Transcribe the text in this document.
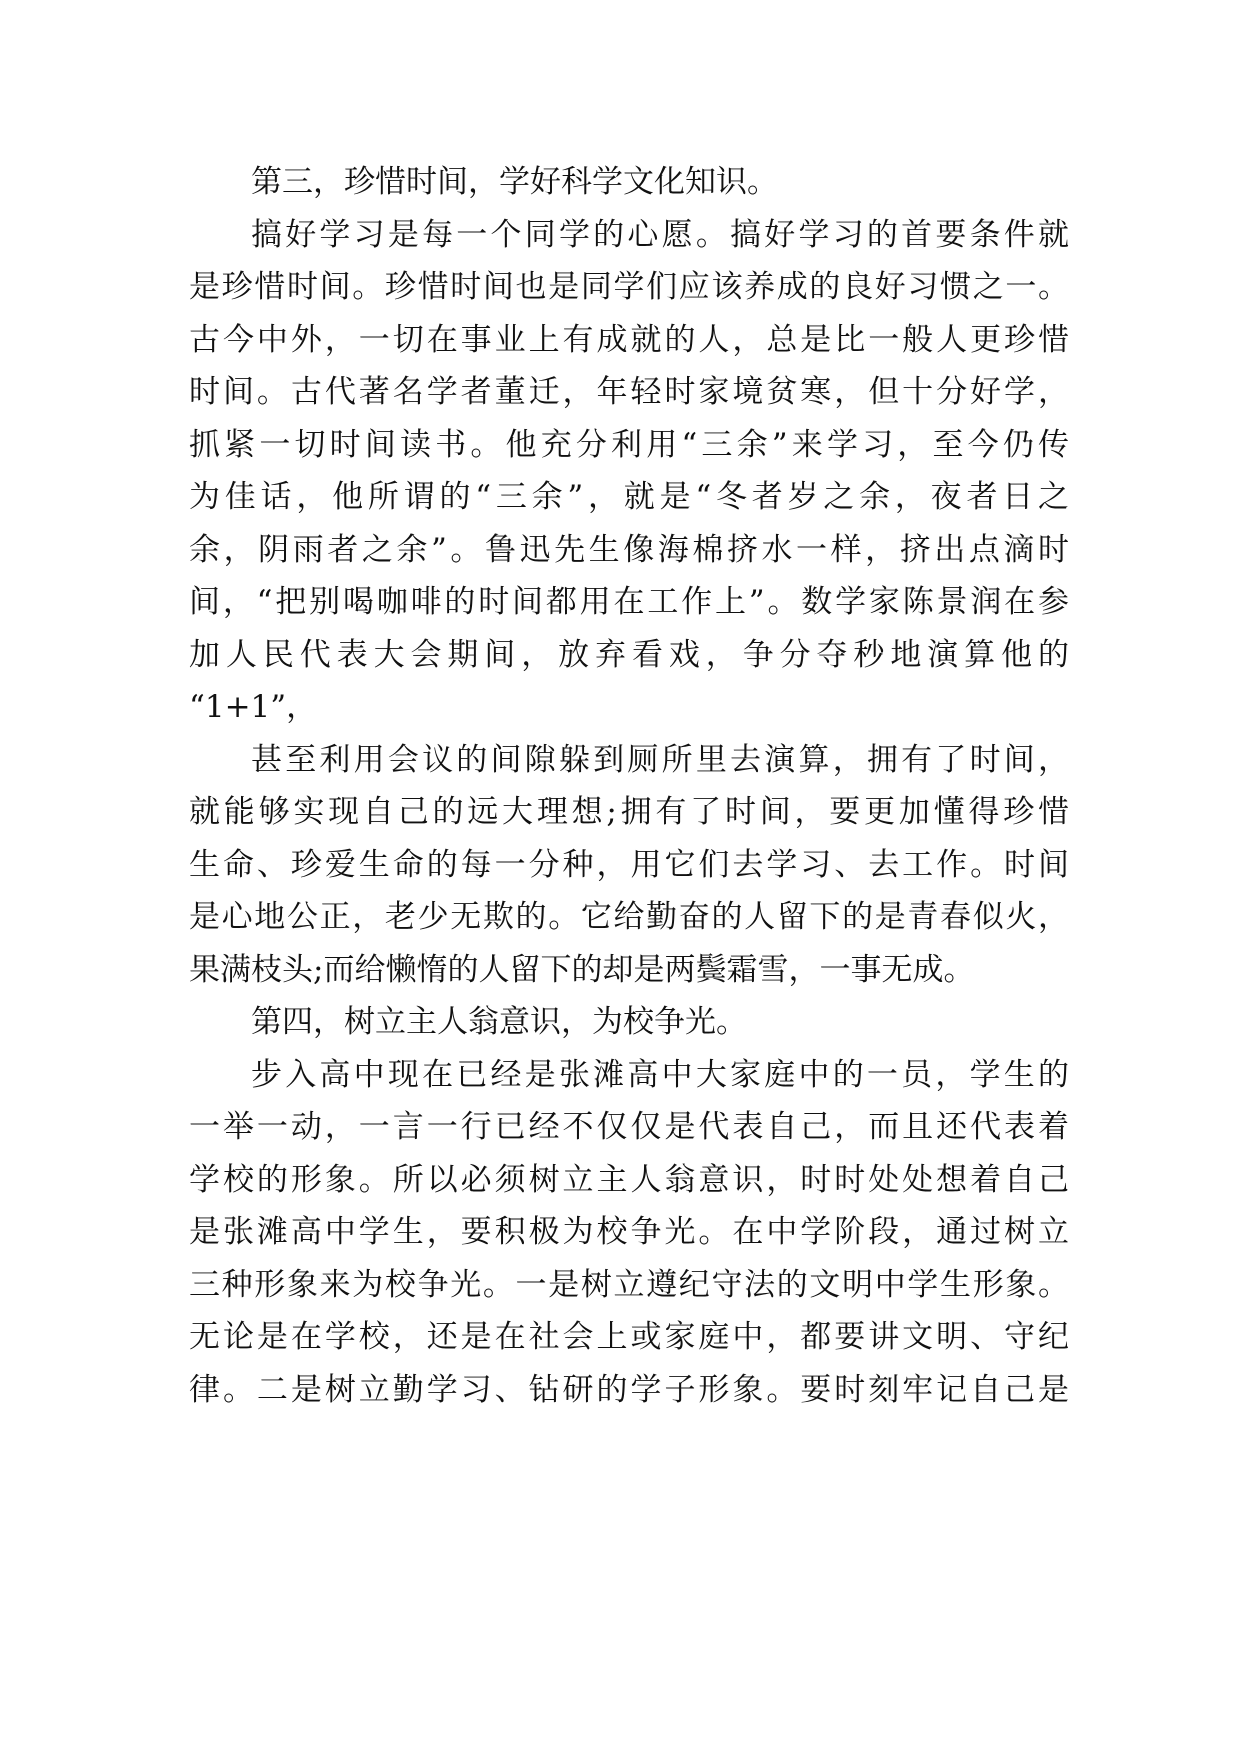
第三，珍惜时间，学好科学文化知识。
搞好学习是每一个同学的心愿。搞好学习的首要条件就
是珍惜时间。珍惜时间也是同学们应该养成的良好习惯之一。
古今中外，一切在事业上有成就的人，总是比一般人更珍惜
时间。古代著名学者董迁，年轻时家境贫寒，但十分好学，
抓紧一切时间读书。他充分利用“三余”来学习，至今仍传
为佳话，他所谓的“三余”，就是“冬者岁之余，夜者日之
余，阴雨者之余”。鲁迅先生像海棉挤水一样，挤出点滴时
间，“把别喝咖啡的时间都用在工作上”。数学家陈景润在参
加人民代表大会期间，放弃看戏，争分夺秒地演算他的
“1+1”，
甚至利用会议的间隙躲到厕所里去演算，拥有了时间，
就能够实现自己的远大理想;拥有了时间，要更加懂得珍惜
生命、珍爱生命的每一分种，用它们去学习、去工作。时间
是心地公正，老少无欺的。它给勤奋的人留下的是青春似火，
果满枝头;而给懒惰的人留下的却是两鬓霜雪，一事无成。
第四，树立主人翁意识，为校争光。
步入高中现在已经是张滩高中大家庭中的一员，学生的
一举一动，一言一行已经不仅仅是代表自己，而且还代表着
学校的形象。所以必须树立主人翁意识，时时处处想着自己
是张滩高中学生，要积极为校争光。在中学阶段，通过树立
三种形象来为校争光。一是树立遵纪守法的文明中学生形象。
无论是在学校，还是在社会上或家庭中，都要讲文明、守纪
律。二是树立勤学习、钻研的学子形象。要时刻牢记自己是
